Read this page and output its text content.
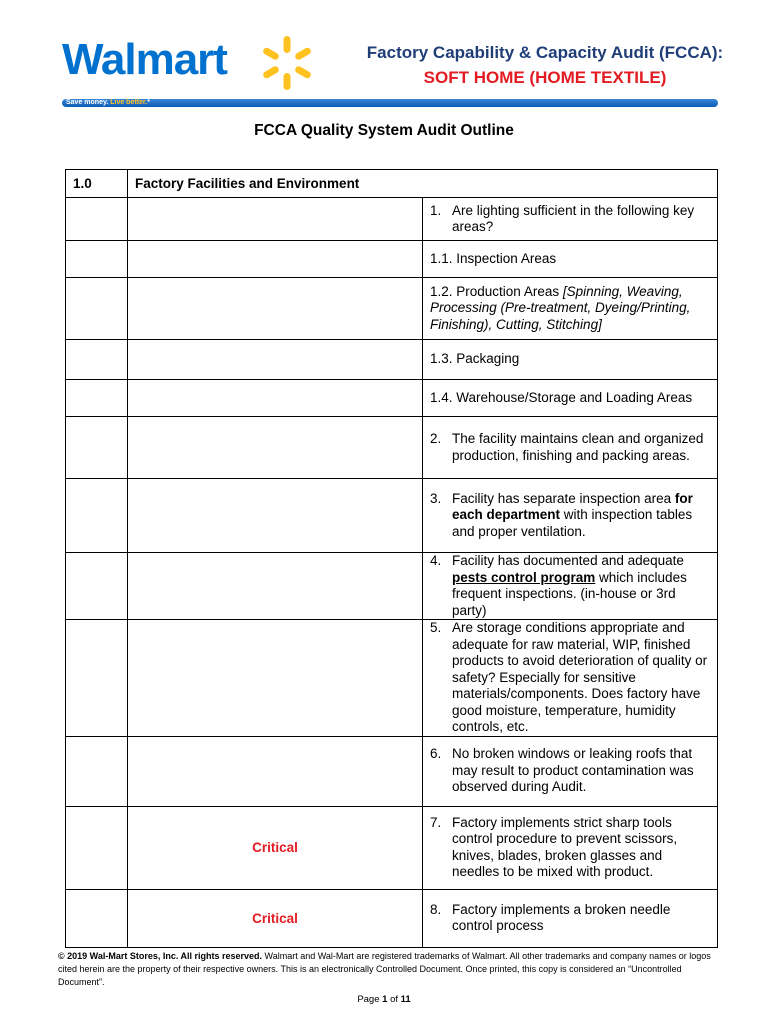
Walmart	Factory Capability & Capacity Audit (FCCA):
SOFT HOME (HOME TEXTILE)
Save money. Live better.*
FCCA Quality System Audit Outline
1.0	Factory Facilities and Environment	

		1. Are lighting sufficient in the following key areas?

		1.1. Inspection Areas

		1.2. Production Areas [Spinning, Weaving, Processing (Pre-treatment, Dyeing/Printing, Finishing), Cutting, Stitching]

		1.3. Packaging

		1.4. Warehouse/Storage and Loading Areas

		2. The facility maintains clean and organized production, finishing and packing areas.

		3. Facility has separate inspection area for each department with inspection tables and proper ventilation.

		4. Facility has documented and adequate pests control program which includes frequent inspections. (in-house or 3rd party)

		5. Are storage conditions appropriate and adequate for raw material, WIP, finished products to avoid deterioration of quality or safety? Especially for sensitive materials/components. Does factory have good moisture, temperature, humidity controls, etc.

		6. No broken windows or leaking roofs that may result to product contamination was observed during Audit.

	Critical	7. Factory implements strict sharp tools control procedure to prevent scissors, knives, blades, broken glasses and needles to be mixed with product.

	Critical	8. Factory implements a broken needle control process
© 2019 Wal-Mart Stores, Inc. All rights reserved. Walmart and Wal-Mart are registered trademarks of Walmart. All other trademarks and company names or logos cited herein are the property of their respective owners. This is an electronically Controlled Document. Once printed, this copy is considered an “Uncontrolled Document”.
Page 1 of 11
